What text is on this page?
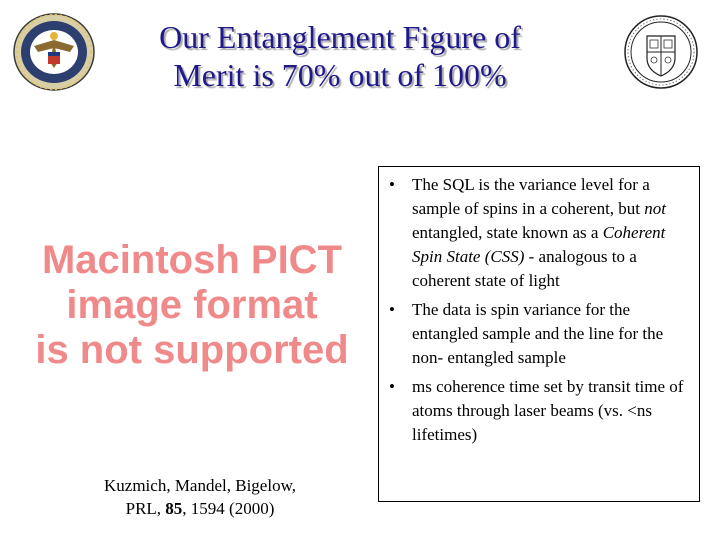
Our Entanglement Figure of
Merit is 70% out of 100%
Macintosh PICT
image format
is not supported
Kuzmich, Mandel, Bigelow,
PRL, 85, 1594 (2000)
•	The SQL is the variance level for a sample of spins in a coherent, but not entangled, state known as a Coherent Spin State (CSS) - analogous to a coherent state of light
•	The data is spin variance for the entangled sample and the line for the non- entangled sample
•	ms coherence time set by transit time of atoms through laser beams (vs. <ns lifetimes)
